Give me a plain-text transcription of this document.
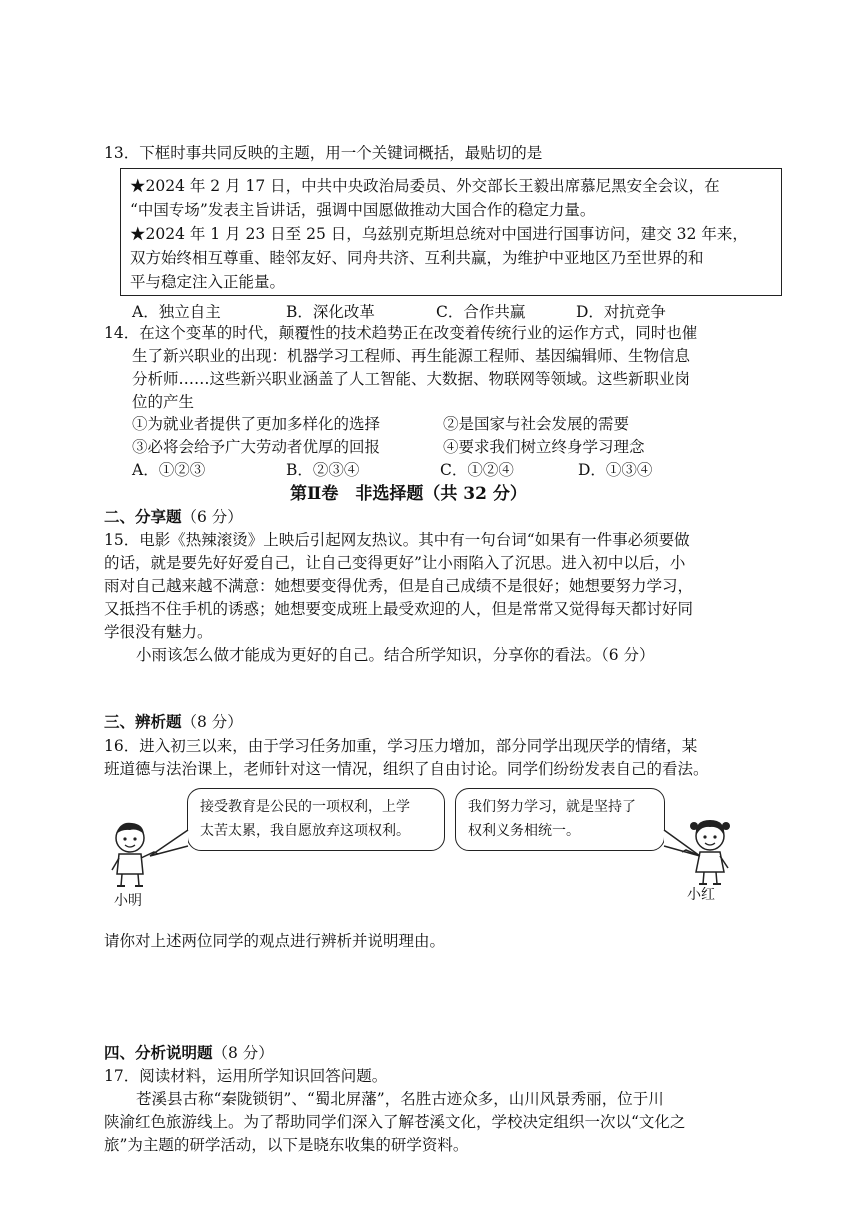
13．下框时事共同反映的主题，用一个关键词概括，最贴切的是
★2024 年 2 月 17 日，中共中央政治局委员、外交部长王毅出席慕尼黑安全会议，在
“中国专场”发表主旨讲话，强调中国愿做推动大国合作的稳定力量。
★2024 年 1 月 23 日至 25 日，乌兹别克斯坦总统对中国进行国事访问，建交 32 年来，
双方始终相互尊重、睦邻友好、同舟共济、互利共赢，为维护中亚地区乃至世界的和
平与稳定注入正能量。
A．独立自主	B．深化改革	C．合作共赢	D．对抗竞争
14．在这个变革的时代，颠覆性的技术趋势正在改变着传统行业的运作方式，同时也催
生了新兴职业的出现：机器学习工程师、再生能源工程师、基因编辑师、生物信息
分析师……这些新兴职业涵盖了人工智能、大数据、物联网等领域。这些新职业岗
位的产生
①为就业者提供了更加多样化的选择	②是国家与社会发展的需要
③必将会给予广大劳动者优厚的回报	④要求我们树立终身学习理念
A．①②③	B．②③④	C．①②④	D．①③④
第Ⅱ卷　非选择题（共 32 分）
二、分享题（6 分）
15．电影《热辣滚烫》上映后引起网友热议。其中有一句台词“如果有一件事必须要做
的话，就是要先好好爱自己，让自己变得更好”让小雨陷入了沉思。进入初中以后，小
雨对自己越来越不满意：她想要变得优秀，但是自己成绩不是很好；她想要努力学习，
又抵挡不住手机的诱惑；她想要变成班上最受欢迎的人，但是常常又觉得每天都讨好同
学很没有魅力。
小雨该怎么做才能成为更好的自己。结合所学知识，分享你的看法。（6 分）
三、辨析题（8 分）
16．进入初三以来，由于学习任务加重，学习压力增加，部分同学出现厌学的情绪，某
班道德与法治课上，老师针对这一情况，组织了自由讨论。同学们纷纷发表自己的看法。
接受教育是公民的一项权利，上学
太苦太累，我自愿放弃这项权利。
我们努力学习，就是坚持了
权利义务相统一。
小明	小红
请你对上述两位同学的观点进行辨析并说明理由。
四、分析说明题（8 分）
17．阅读材料，运用所学知识回答问题。
苍溪县古称“秦陇锁钥”、“蜀北屏藩”，名胜古迹众多，山川风景秀丽，位于川
陕渝红色旅游线上。为了帮助同学们深入了解苍溪文化，学校决定组织一次以“文化之
旅”为主题的研学活动，以下是晓东收集的研学资料。
